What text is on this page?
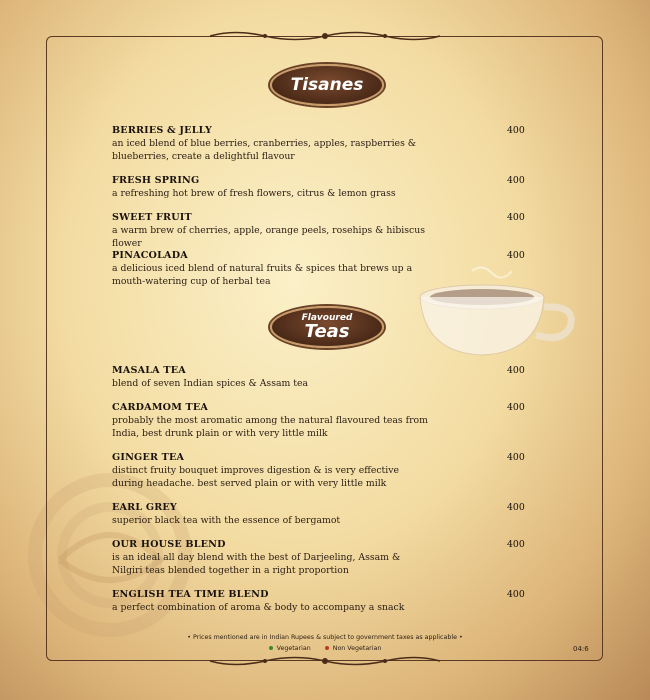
Tisanes

BERRIES & JELLY

an iced blend of blue berries, cranberries, apples, raspberries & blueberries, create a delightful flavour

400

FRESH SPRING

a refreshing hot brew of fresh flowers, citrus & lemon grass

400

SWEET FRUIT

a warm brew of cherries, apple, orange peels, rosehips & hibiscus flower

400

PINACOLADA

a delicious iced blend of natural fruits & spices that brews up a mouth-watering cup of herbal tea

400
Flavoured
Teas

MASALA TEA

blend of seven Indian spices & Assam tea

400

CARDAMOM TEA

probably the most aromatic among the natural flavoured teas from India, best drunk plain or with very little milk

400

GINGER TEA

distinct fruity bouquet improves digestion & is very effective during headache. best served plain or with very little milk

400

EARL GREY

superior black tea with the essence of bergamot

400

OUR HOUSE BLEND

is an ideal all day blend with the best of Darjeeling, Assam & Nilgiri teas blended together in a right proportion

400

ENGLISH TEA TIME BLEND

a perfect combination of aroma & body to accompany a snack

400
• Prices mentioned are in Indian Rupees & subject to government taxes as applicable •
Vegetarian	Non Vegetarian	04:6
